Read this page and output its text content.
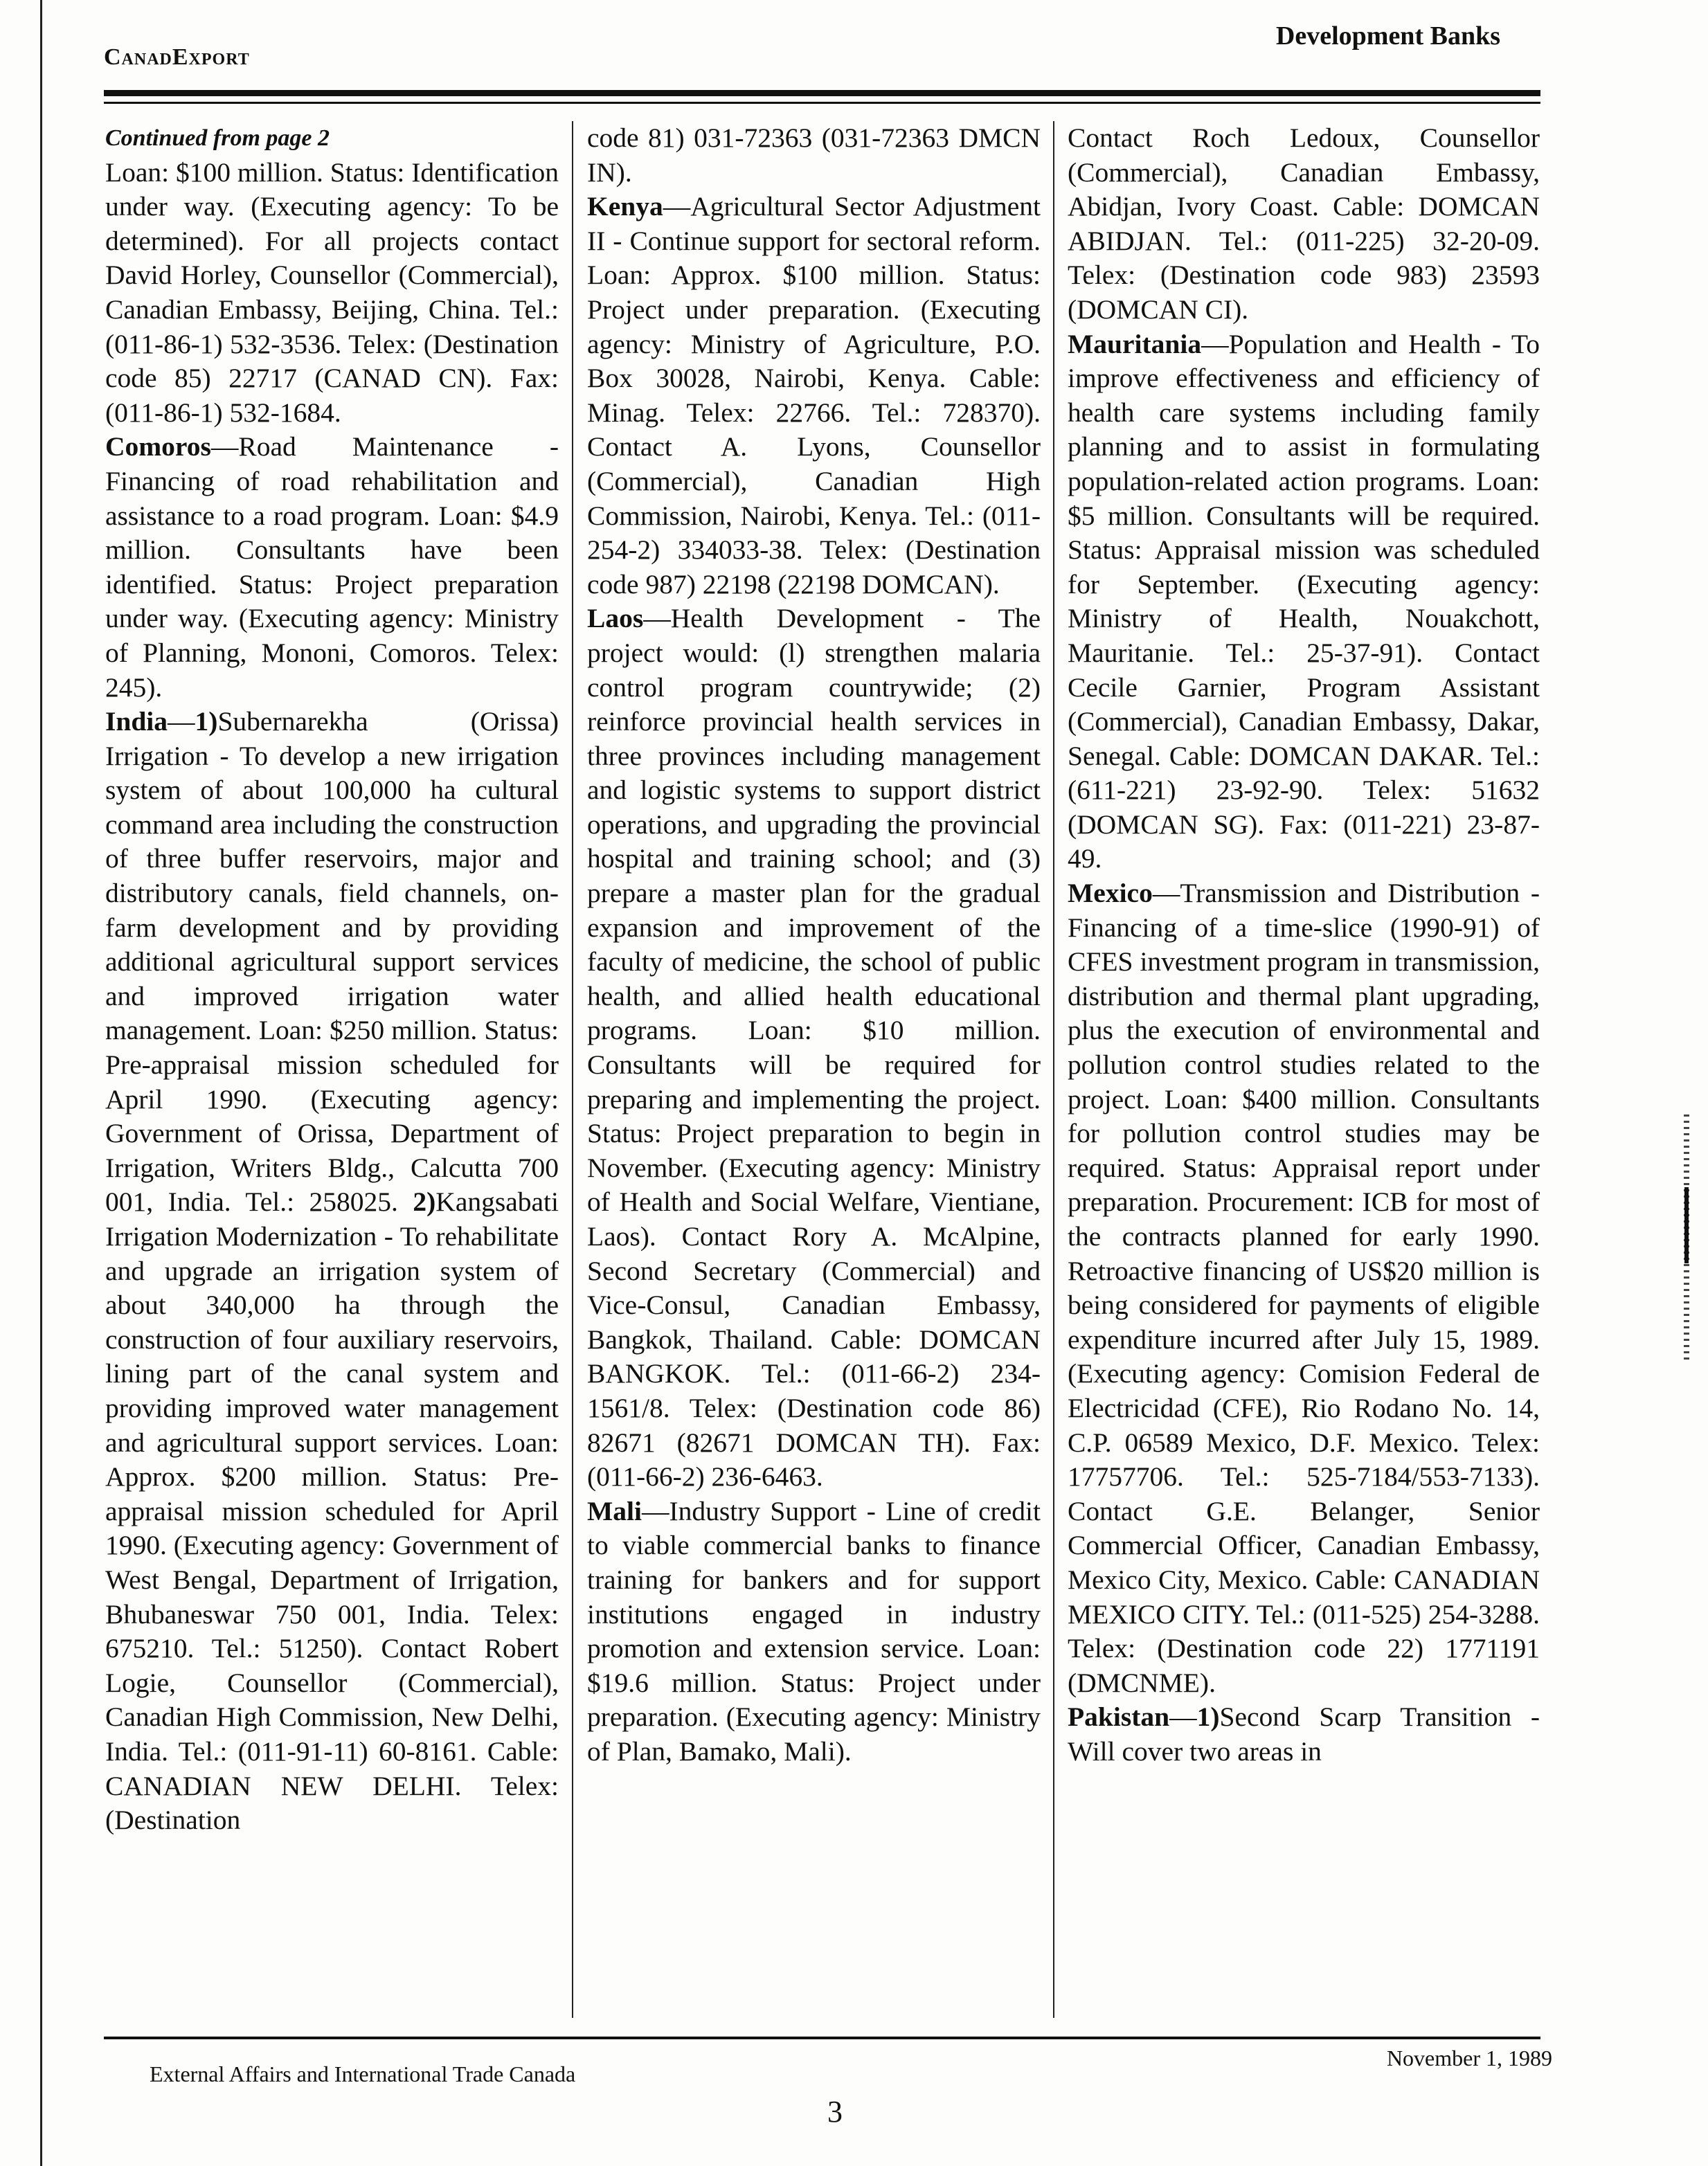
CanadExport
Development Banks

Continued from page 2

Loan: $100 million. Status: Identification under way. (Executing agency: To be determined). For all projects contact David Horley, Counsellor (Commercial), Canadian Embassy, Beijing, China. Tel.: (011-86-1) 532-3536. Telex: (Destination code 85) 22717 (CANAD CN). Fax: (011-86-1) 532-1684.

Comoros—Road Maintenance - Financing of road rehabilitation and assistance to a road program. Loan: $4.9 million. Consultants have been identified. Status: Project preparation under way. (Executing agency: Ministry of Planning, Mononi, Comoros. Telex: 245).

India—1)Subernarekha (Orissa) Irrigation - To develop a new irrigation system of about 100,000 ha cultural command area including the construction of three buffer reservoirs, major and distributory canals, field channels, on-farm development and by providing additional agricultural support services and improved irrigation water management. Loan: $250 million. Status: Pre-appraisal mission scheduled for April 1990. (Executing agency: Government of Orissa, Department of Irrigation, Writers Bldg., Calcutta 700 001, India. Tel.: 258025. 2)Kangsabati Irrigation Modernization - To rehabilitate and upgrade an irrigation system of about 340,000 ha through the construction of four auxiliary reservoirs, lining part of the canal system and providing improved water management and agricultural support services. Loan: Approx. $200 million. Status: Pre-appraisal mission scheduled for April 1990. (Executing agency: Government of West Bengal, Department of Irrigation, Bhubaneswar 750 001, India. Telex: 675210. Tel.: 51250). Contact Robert Logie, Counsellor (Commercial), Canadian High Commission, New Delhi, India. Tel.: (011-91-11) 60-8161. Cable: CANADIAN NEW DELHI. Telex: (Destination

code 81) 031-72363 (031-72363 DMCN IN).

Kenya—Agricultural Sector Adjustment II - Continue support for sectoral reform. Loan: Approx. $100 million. Status: Project under preparation. (Executing agency: Ministry of Agriculture, P.O. Box 30028, Nairobi, Kenya. Cable: Minag. Telex: 22766. Tel.: 728370). Contact A. Lyons, Counsellor (Commercial), Canadian High Commission, Nairobi, Kenya. Tel.: (011-254-2) 334033-38. Telex: (Destination code 987) 22198 (22198 DOMCAN).

Laos—Health Development - The project would: (l) strengthen malaria control program countrywide; (2) reinforce provincial health services in three provinces including management and logistic systems to support district operations, and upgrading the provincial hospital and training school; and (3) prepare a master plan for the gradual expansion and improvement of the faculty of medicine, the school of public health, and allied health educational programs. Loan: $10 million. Consultants will be required for preparing and implementing the project. Status: Project preparation to begin in November. (Executing agency: Ministry of Health and Social Welfare, Vientiane, Laos). Contact Rory A. McAlpine, Second Secretary (Commercial) and Vice-Consul, Canadian Embassy, Bangkok, Thailand. Cable: DOMCAN BANGKOK. Tel.: (011-66-2) 234-1561/8. Telex: (Destination code 86) 82671 (82671 DOMCAN TH). Fax: (011-66-2) 236-6463.

Mali—Industry Support - Line of credit to viable commercial banks to finance training for bankers and for support institutions engaged in industry promotion and extension service. Loan: $19.6 million. Status: Project under preparation. (Executing agency: Ministry of Plan, Bamako, Mali).

Contact Roch Ledoux, Counsellor (Commercial), Canadian Embassy, Abidjan, Ivory Coast. Cable: DOMCAN ABIDJAN. Tel.: (011-225) 32-20-09. Telex: (Destination code 983) 23593 (DOMCAN CI).

Mauritania—Population and Health - To improve effectiveness and efficiency of health care systems including family planning and to assist in formulating population-related action programs. Loan: $5 million. Consultants will be required. Status: Appraisal mission was scheduled for September. (Executing agency: Ministry of Health, Nouakchott, Mauritanie. Tel.: 25-37-91). Contact Cecile Garnier, Program Assistant (Commercial), Canadian Embassy, Dakar, Senegal. Cable: DOMCAN DAKAR. Tel.: (611-221) 23-92-90. Telex: 51632 (DOMCAN SG). Fax: (011-221) 23-87-49.

Mexico—Transmission and Distribution - Financing of a time-slice (1990-91) of CFES investment program in transmission, distribution and thermal plant upgrading, plus the execution of environmental and pollution control studies related to the project. Loan: $400 million. Consultants for pollution control studies may be required. Status: Appraisal report under preparation. Procurement: ICB for most of the contracts planned for early 1990. Retroactive financing of US$20 million is being considered for payments of eligible expenditure incurred after July 15, 1989. (Executing agency: Comision Federal de Electricidad (CFE), Rio Rodano No. 14, C.P. 06589 Mexico, D.F. Mexico. Telex: 17757706. Tel.: 525-7184/553-7133). Contact G.E. Belanger, Senior Commercial Officer, Canadian Embassy, Mexico City, Mexico. Cable: CANADIAN MEXICO CITY. Tel.: (011-525) 254-3288. Telex: (Destination code 22) 1771191 (DMCNME).

Pakistan—1)Second Scarp Transition - Will cover two areas in

External Affairs and International Trade Canada
November 1, 1989
3
